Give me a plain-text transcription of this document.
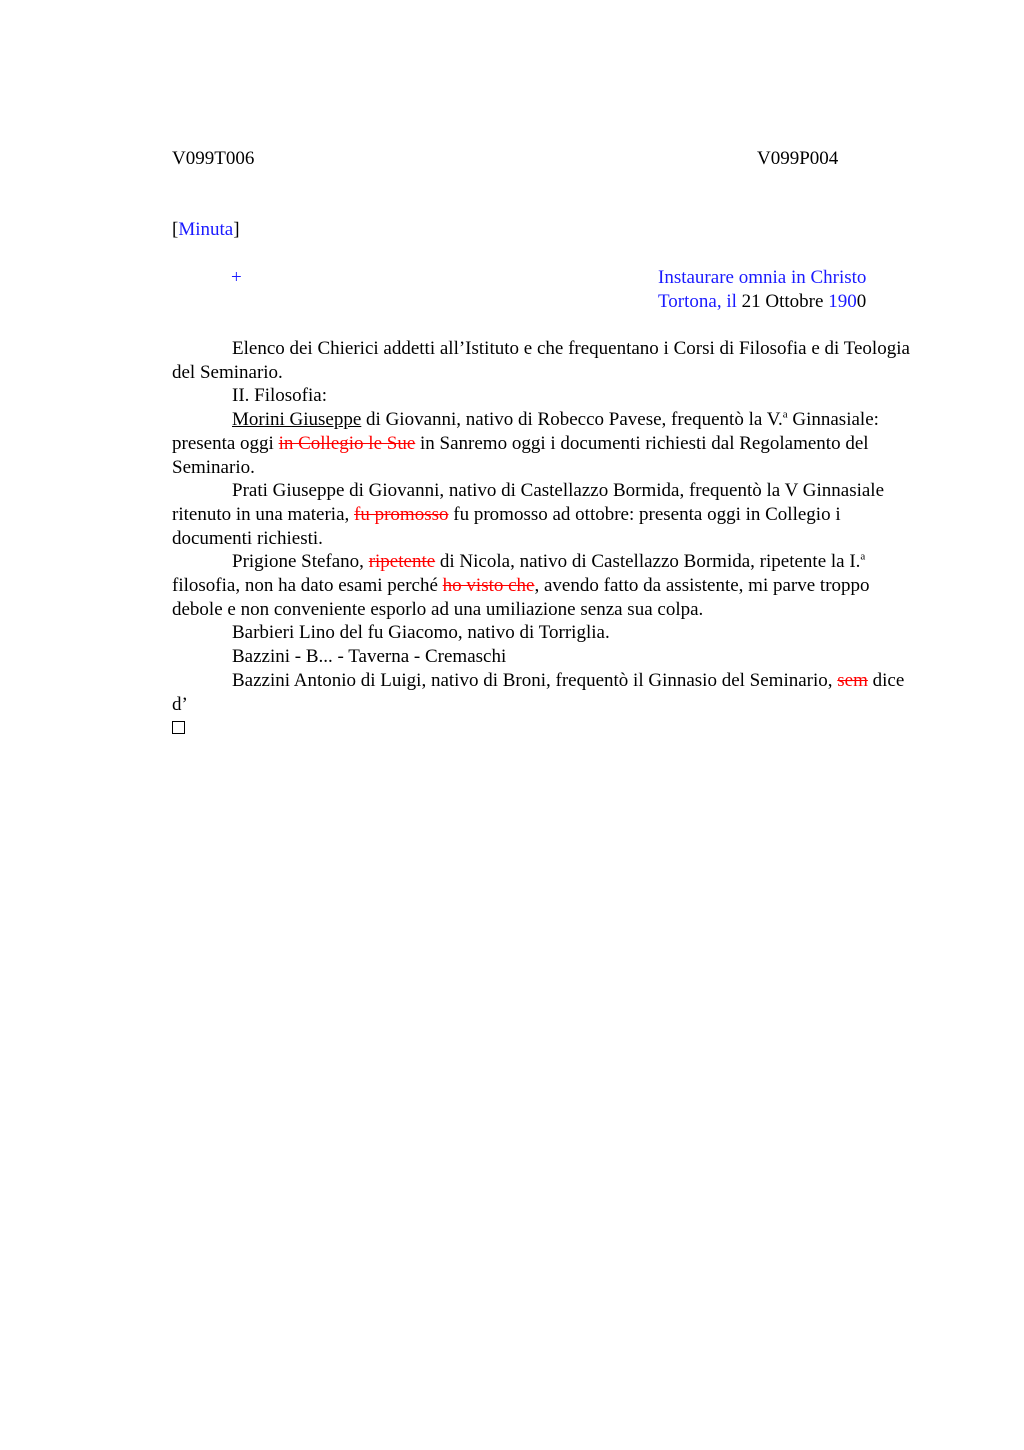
V099T006	V099P004
[Minuta]
+	Instaurare omnia in Christo
Tortona, il 21 Ottobre 1900

Elenco dei Chierici addetti all’Istituto e che frequentano i Corsi di Filosofia e di Teologia del Seminario.

II. Filosofia:

Morini Giuseppe di Giovanni, nativo di Robecco Pavese, frequentò la V.$^a$ Ginnasiale: presenta oggi in Collegio le Sue in Sanremo oggi i documenti richiesti dal Regolamento del Seminario.

Prati Giuseppe di Giovanni, nativo di Castellazzo Bormida, frequentò la V Ginnasiale ritenuto in una materia, fu promosso fu promosso ad ottobre: presenta oggi in Collegio i documenti richiesti.

Prigione Stefano, ripetente di Nicola, nativo di Castellazzo Bormida, ripetente la I.$^a$ filosofia, non ha dato esami perché ho visto che, avendo fatto da assistente, mi parve troppo debole e non conveniente esporlo ad una umiliazione senza sua colpa.

Barbieri Lino del fu Giacomo, nativo di Torriglia.

Bazzini - B... - Taverna - Cremaschi

Bazzini Antonio di Luigi, nativo di Broni, frequentò il Ginnasio del Seminario, sem dice d’
